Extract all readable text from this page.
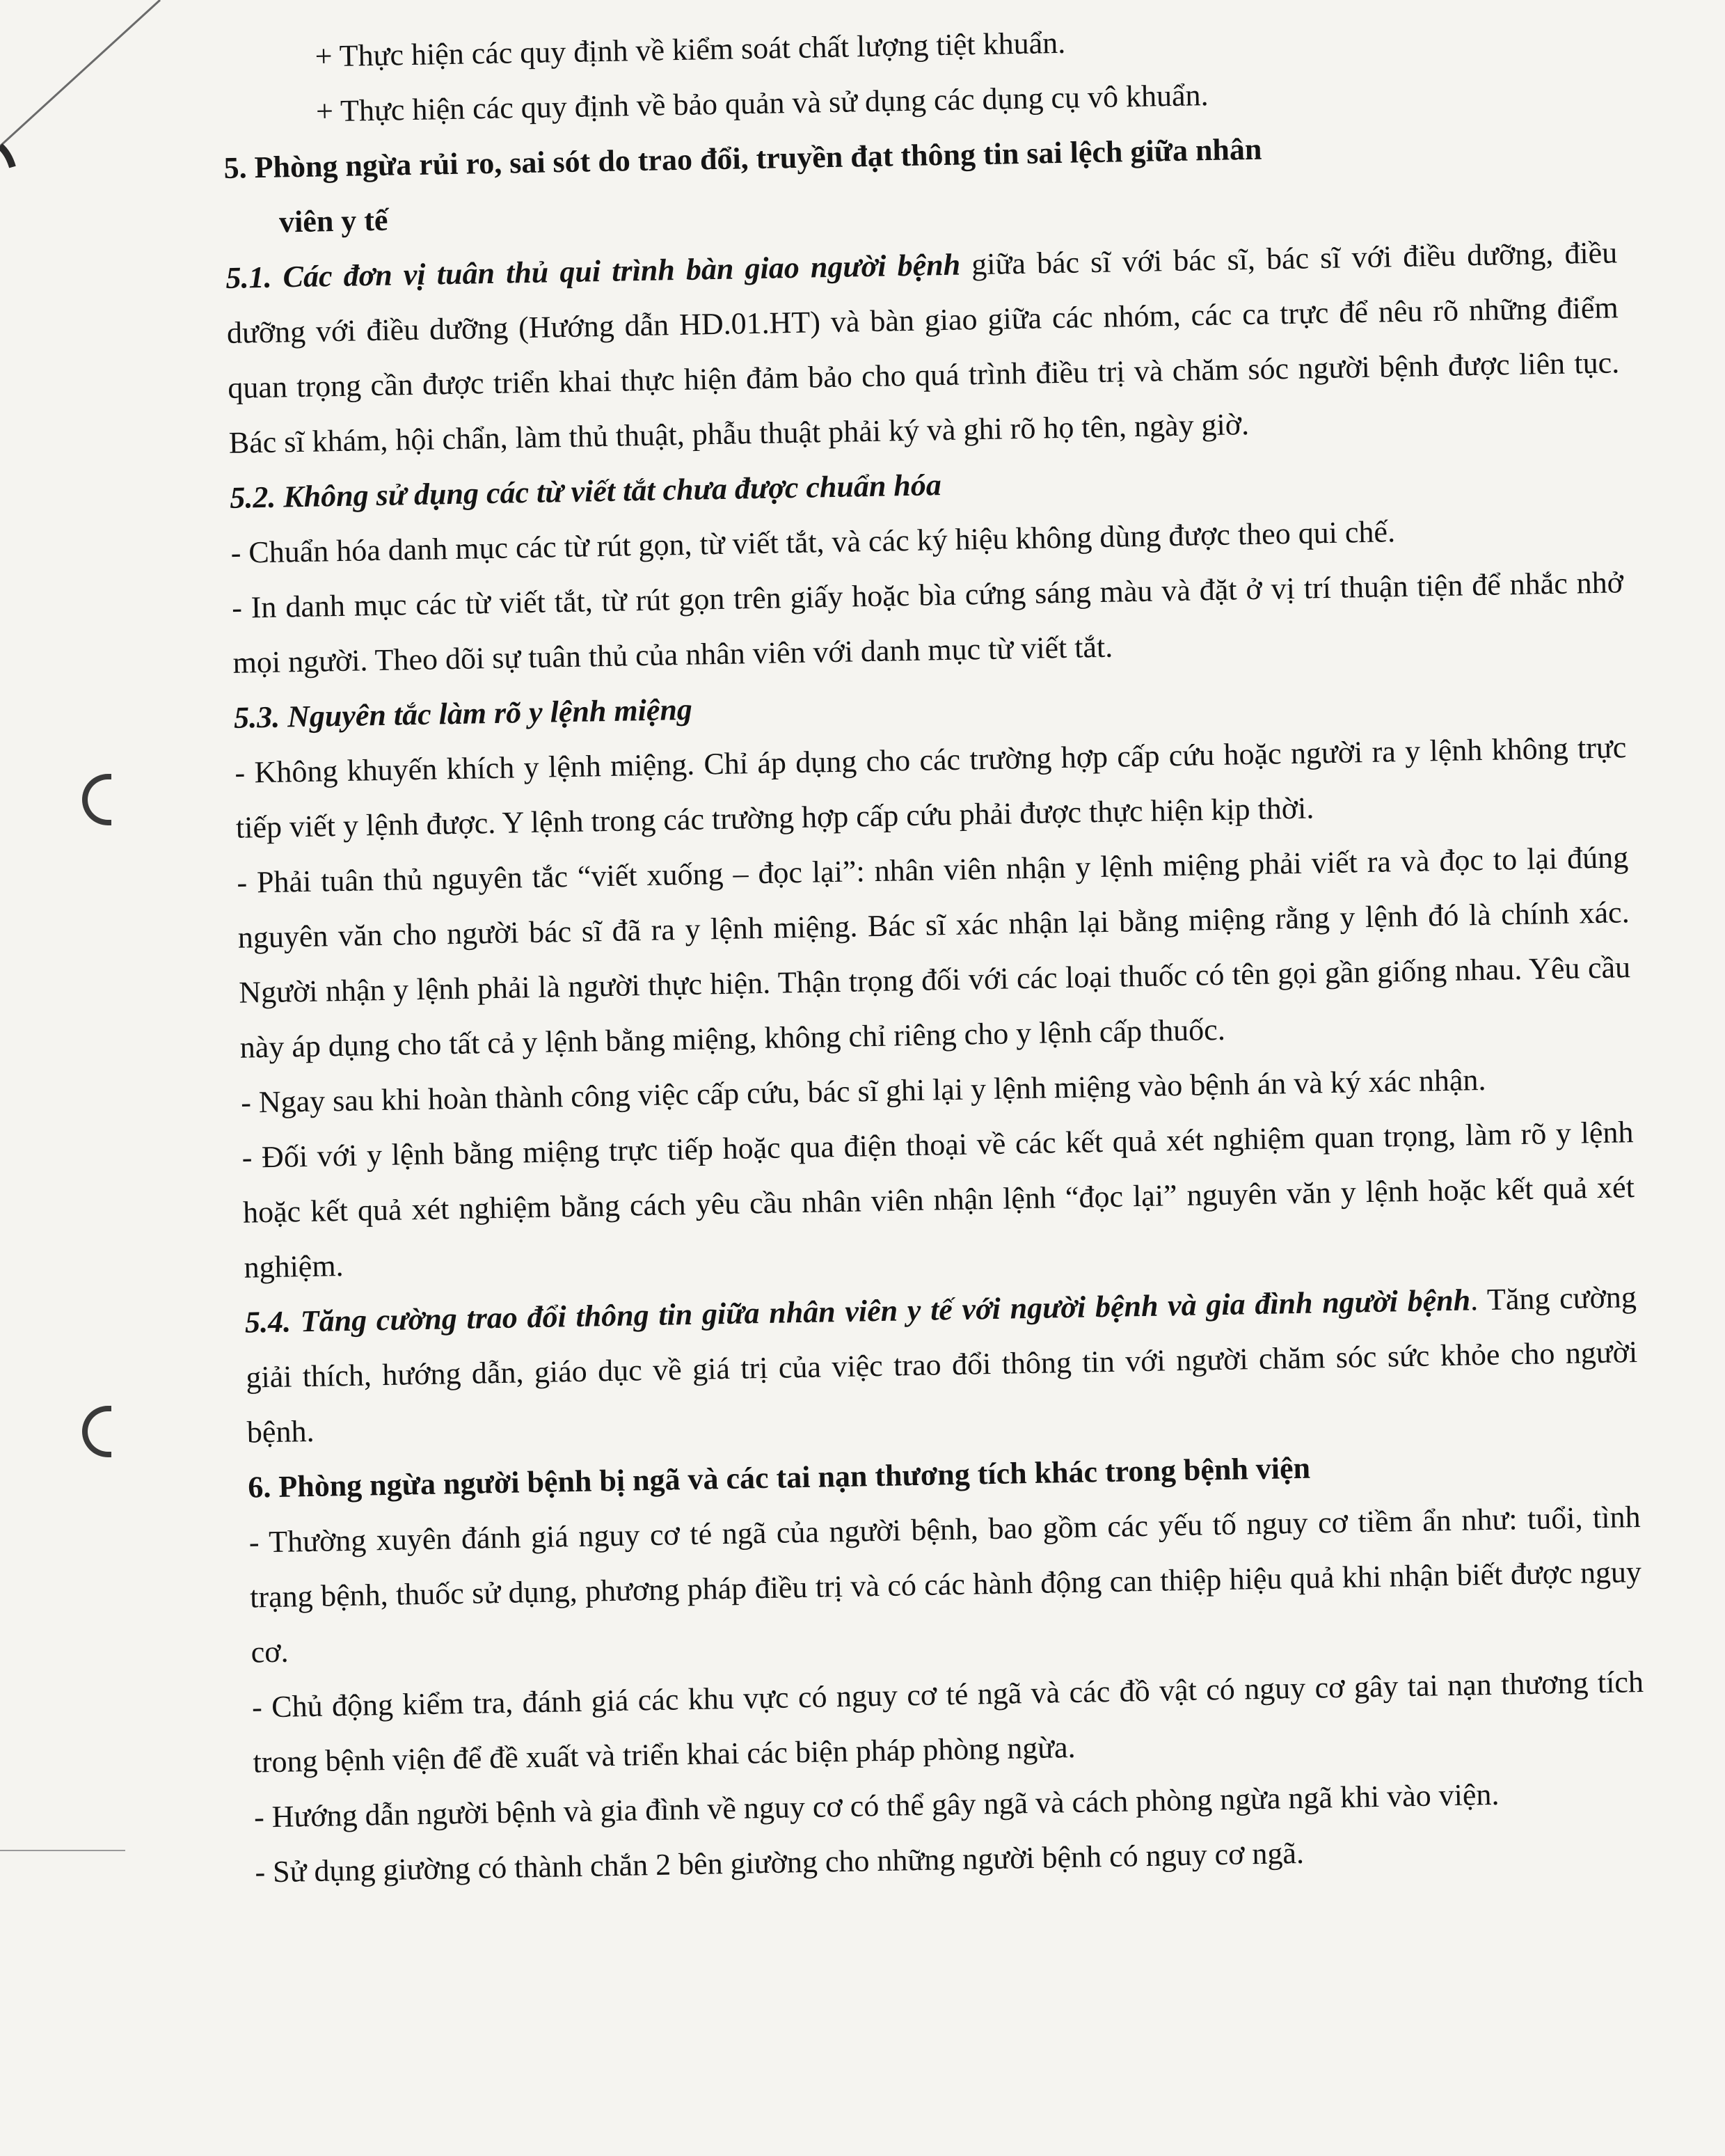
+ Thực hiện các quy định về kiểm soát chất lượng tiệt khuẩn.

+ Thực hiện các quy định về bảo quản và sử dụng các dụng cụ vô khuẩn.

5. Phòng ngừa rủi ro, sai sót do trao đổi, truyền đạt thông tin sai lệch giữa nhân
viên y tế

5.1. Các đơn vị tuân thủ qui trình bàn giao người bệnh giữa bác sĩ với bác sĩ, bác sĩ với điều dưỡng, điều dưỡng với điều dưỡng (Hướng dẫn HD.01.HT) và bàn giao giữa các nhóm, các ca trực để nêu rõ những điểm quan trọng cần được triển khai thực hiện đảm bảo cho quá trình điều trị và chăm sóc người bệnh được liên tục. Bác sĩ khám, hội chẩn, làm thủ thuật, phẫu thuật phải ký và ghi rõ họ tên, ngày giờ.

5.2. Không sử dụng các từ viết tắt chưa được chuẩn hóa

- Chuẩn hóa danh mục các từ rút gọn, từ viết tắt, và các ký hiệu không dùng được theo qui chế.

- In danh mục các từ viết tắt, từ rút gọn trên giấy hoặc bìa cứng sáng màu và đặt ở vị trí thuận tiện để nhắc nhở mọi người. Theo dõi sự tuân thủ của nhân viên với danh mục từ viết tắt.

5.3. Nguyên tắc làm rõ y lệnh miệng

- Không khuyến khích y lệnh miệng. Chỉ áp dụng cho các trường hợp cấp cứu hoặc người ra y lệnh không trực tiếp viết y lệnh được. Y lệnh trong các trường hợp cấp cứu phải được thực hiện kịp thời.

- Phải tuân thủ nguyên tắc “viết xuống – đọc lại”: nhân viên nhận y lệnh miệng phải viết ra và đọc to lại đúng nguyên văn cho người bác sĩ đã ra y lệnh miệng. Bác sĩ xác nhận lại bằng miệng rằng y lệnh đó là chính xác. Người nhận y lệnh phải là người thực hiện. Thận trọng đối với các loại thuốc có tên gọi gần giống nhau. Yêu cầu này áp dụng cho tất cả y lệnh bằng miệng, không chỉ riêng cho y lệnh cấp thuốc.

- Ngay sau khi hoàn thành công việc cấp cứu, bác sĩ ghi lại y lệnh miệng vào bệnh án và ký xác nhận.

- Đối với y lệnh bằng miệng trực tiếp hoặc qua điện thoại về các kết quả xét nghiệm quan trọng, làm rõ y lệnh hoặc kết quả xét nghiệm bằng cách yêu cầu nhân viên nhận lệnh “đọc lại” nguyên văn y lệnh hoặc kết quả xét nghiệm.

5.4. Tăng cường trao đổi thông tin giữa nhân viên y tế với người bệnh và gia đình người bệnh. Tăng cường giải thích, hướng dẫn, giáo dục về giá trị của việc trao đổi thông tin với người chăm sóc sức khỏe cho người bệnh.

6. Phòng ngừa người bệnh bị ngã và các tai nạn thương tích khác trong bệnh viện

- Thường xuyên đánh giá nguy cơ té ngã của người bệnh, bao gồm các yếu tố nguy cơ tiềm ẩn như: tuổi, tình trạng bệnh, thuốc sử dụng, phương pháp điều trị và có các hành động can thiệp hiệu quả khi nhận biết được nguy cơ.

- Chủ động kiểm tra, đánh giá các khu vực có nguy cơ té ngã và các đồ vật có nguy cơ gây tai nạn thương tích trong bệnh viện để đề xuất và triển khai các biện pháp phòng ngừa.

- Hướng dẫn người bệnh và gia đình về nguy cơ có thể gây ngã và cách phòng ngừa ngã khi vào viện.

- Sử dụng giường có thành chắn 2 bên giường cho những người bệnh có nguy cơ ngã.
